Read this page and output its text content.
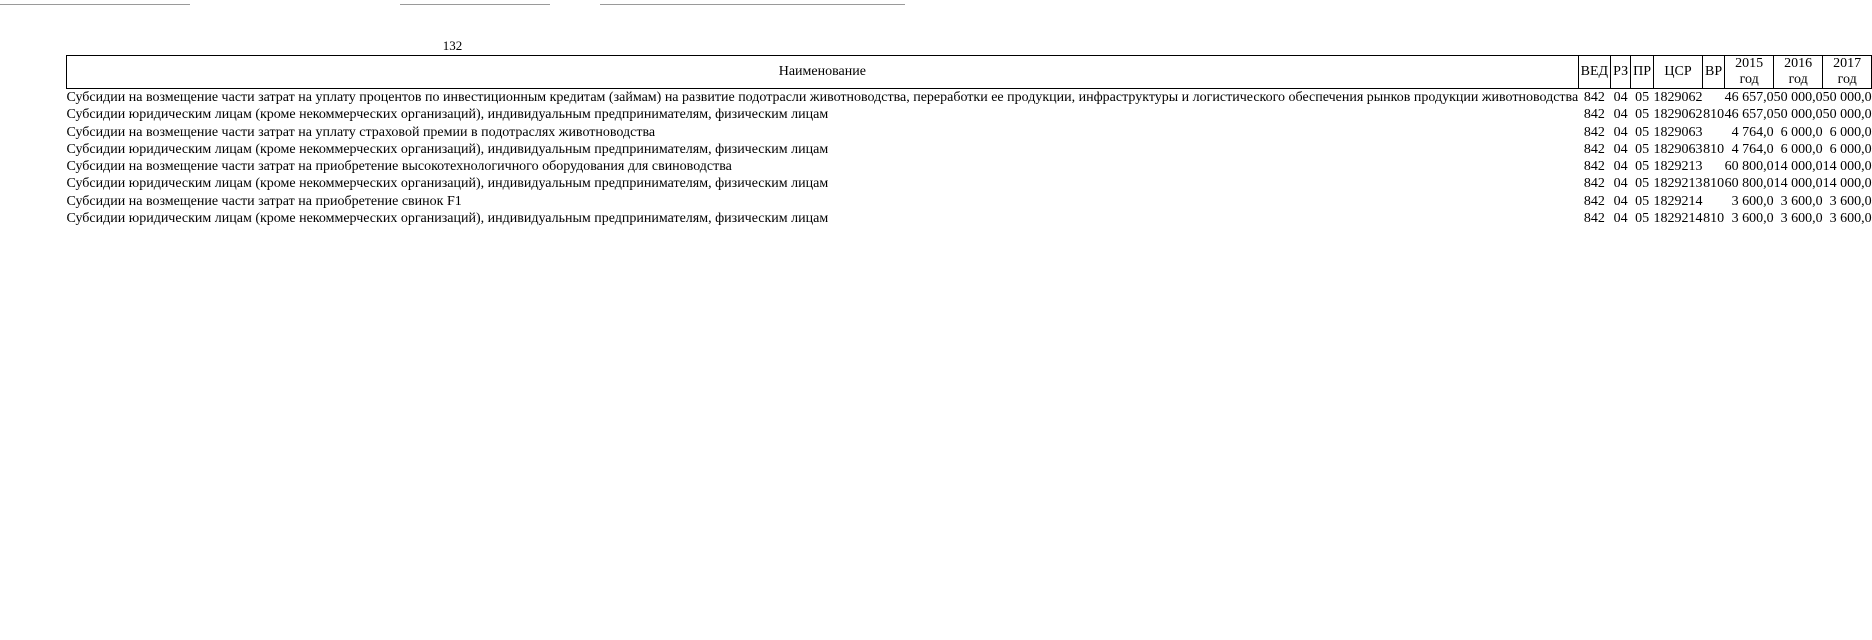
132
Наименование	ВЕД	РЗ	ПР	ЦСР	ВР	2015 год	2016 год	2017 год
Субсидии на возмещение части затрат на уплату процентов по инвестиционным кредитам (займам) на развитие подотрасли животноводства, переработки ее продукции, инфраструктуры и логистического обеспечения рынков продукции животноводства	842	04	05	1829062		46 657,0	50 000,0	50 000,0
Субсидии юридическим лицам (кроме некоммерческих организаций), индивидуальным предпринимателям, физическим лицам	842	04	05	1829062	810	46 657,0	50 000,0	50 000,0
Субсидии на возмещение части затрат на уплату страховой премии в подотраслях животноводства	842	04	05	1829063		4 764,0	6 000,0	6 000,0
Субсидии юридическим лицам (кроме некоммерческих организаций), индивидуальным предпринимателям, физическим лицам	842	04	05	1829063	810	4 764,0	6 000,0	6 000,0
Субсидии на возмещение части затрат на приобретение высокотехнологичного оборудования для свиноводства	842	04	05	1829213		60 800,0	14 000,0	14 000,0
Субсидии юридическим лицам (кроме некоммерческих организаций), индивидуальным предпринимателям, физическим лицам	842	04	05	1829213	810	60 800,0	14 000,0	14 000,0
Субсидии на возмещение части затрат на приобретение свинок F1	842	04	05	1829214		3 600,0	3 600,0	3 600,0
Субсидии юридическим лицам (кроме некоммерческих организаций), индивидуальным предпринимателям, физическим лицам	842	04	05	1829214	810	3 600,0	3 600,0	3 600,0
